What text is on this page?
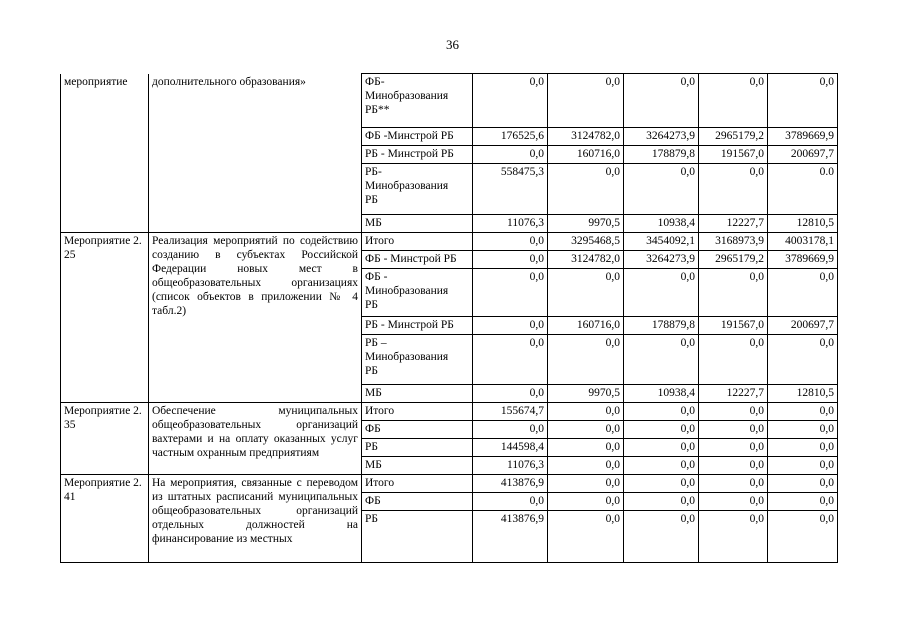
36
мероприятие	дополнительного образования»	ФБ-
Минобразования
РБ**	0,0	0,0	0,0	0,0	0,0
		ФБ -Минстрой РБ	176525,6	3124782,0	3264273,9	2965179,2	3789669,9
		РБ - Минстрой РБ	0,0	160716,0	178879,8	191567,0	200697,7
		РБ-
Минобразования
РБ	558475,3	0,0	0,0	0,0	0.0
		МБ	11076,3	9970,5	10938,4	12227,7	12810,5
Мероприятие 2.25	Реализация мероприятий по содействию созданию в субъектах Российской Федерации новых мест в общеобразовательных организациях (список объектов в приложении № 4 табл.2)	Итого	0,0	3295468,5	3454092,1	3168973,9	4003178,1
		ФБ - Минстрой РБ	0,0	3124782,0	3264273,9	2965179,2	3789669,9
		ФБ -
Минобразования
РБ	0,0	0,0	0,0	0,0	0,0
		РБ - Минстрой РБ	0,0	160716,0	178879,8	191567,0	200697,7
		РБ –
Минобразования
РБ	0,0	0,0	0,0	0,0	0,0
		МБ	0,0	9970,5	10938,4	12227,7	12810,5
Мероприятие 2.35	Обеспечение муниципальных общеобразовательных организаций вахтерами и на оплату оказанных услуг частным охранным предприятиям	Итого	155674,7	0,0	0,0	0,0	0,0
		ФБ	0,0	0,0	0,0	0,0	0,0
		РБ	144598,4	0,0	0,0	0,0	0,0
		МБ	11076,3	0,0	0,0	0,0	0,0
Мероприятие 2.41	На мероприятия, связанные с переводом из штатных расписаний муниципальных общеобразовательных организаций отдельных должностей на финансирование из местных	Итого	413876,9	0,0	0,0	0,0	0,0
		ФБ	0,0	0,0	0,0	0,0	0,0
		РБ	413876,9	0,0	0,0	0,0	0,0
